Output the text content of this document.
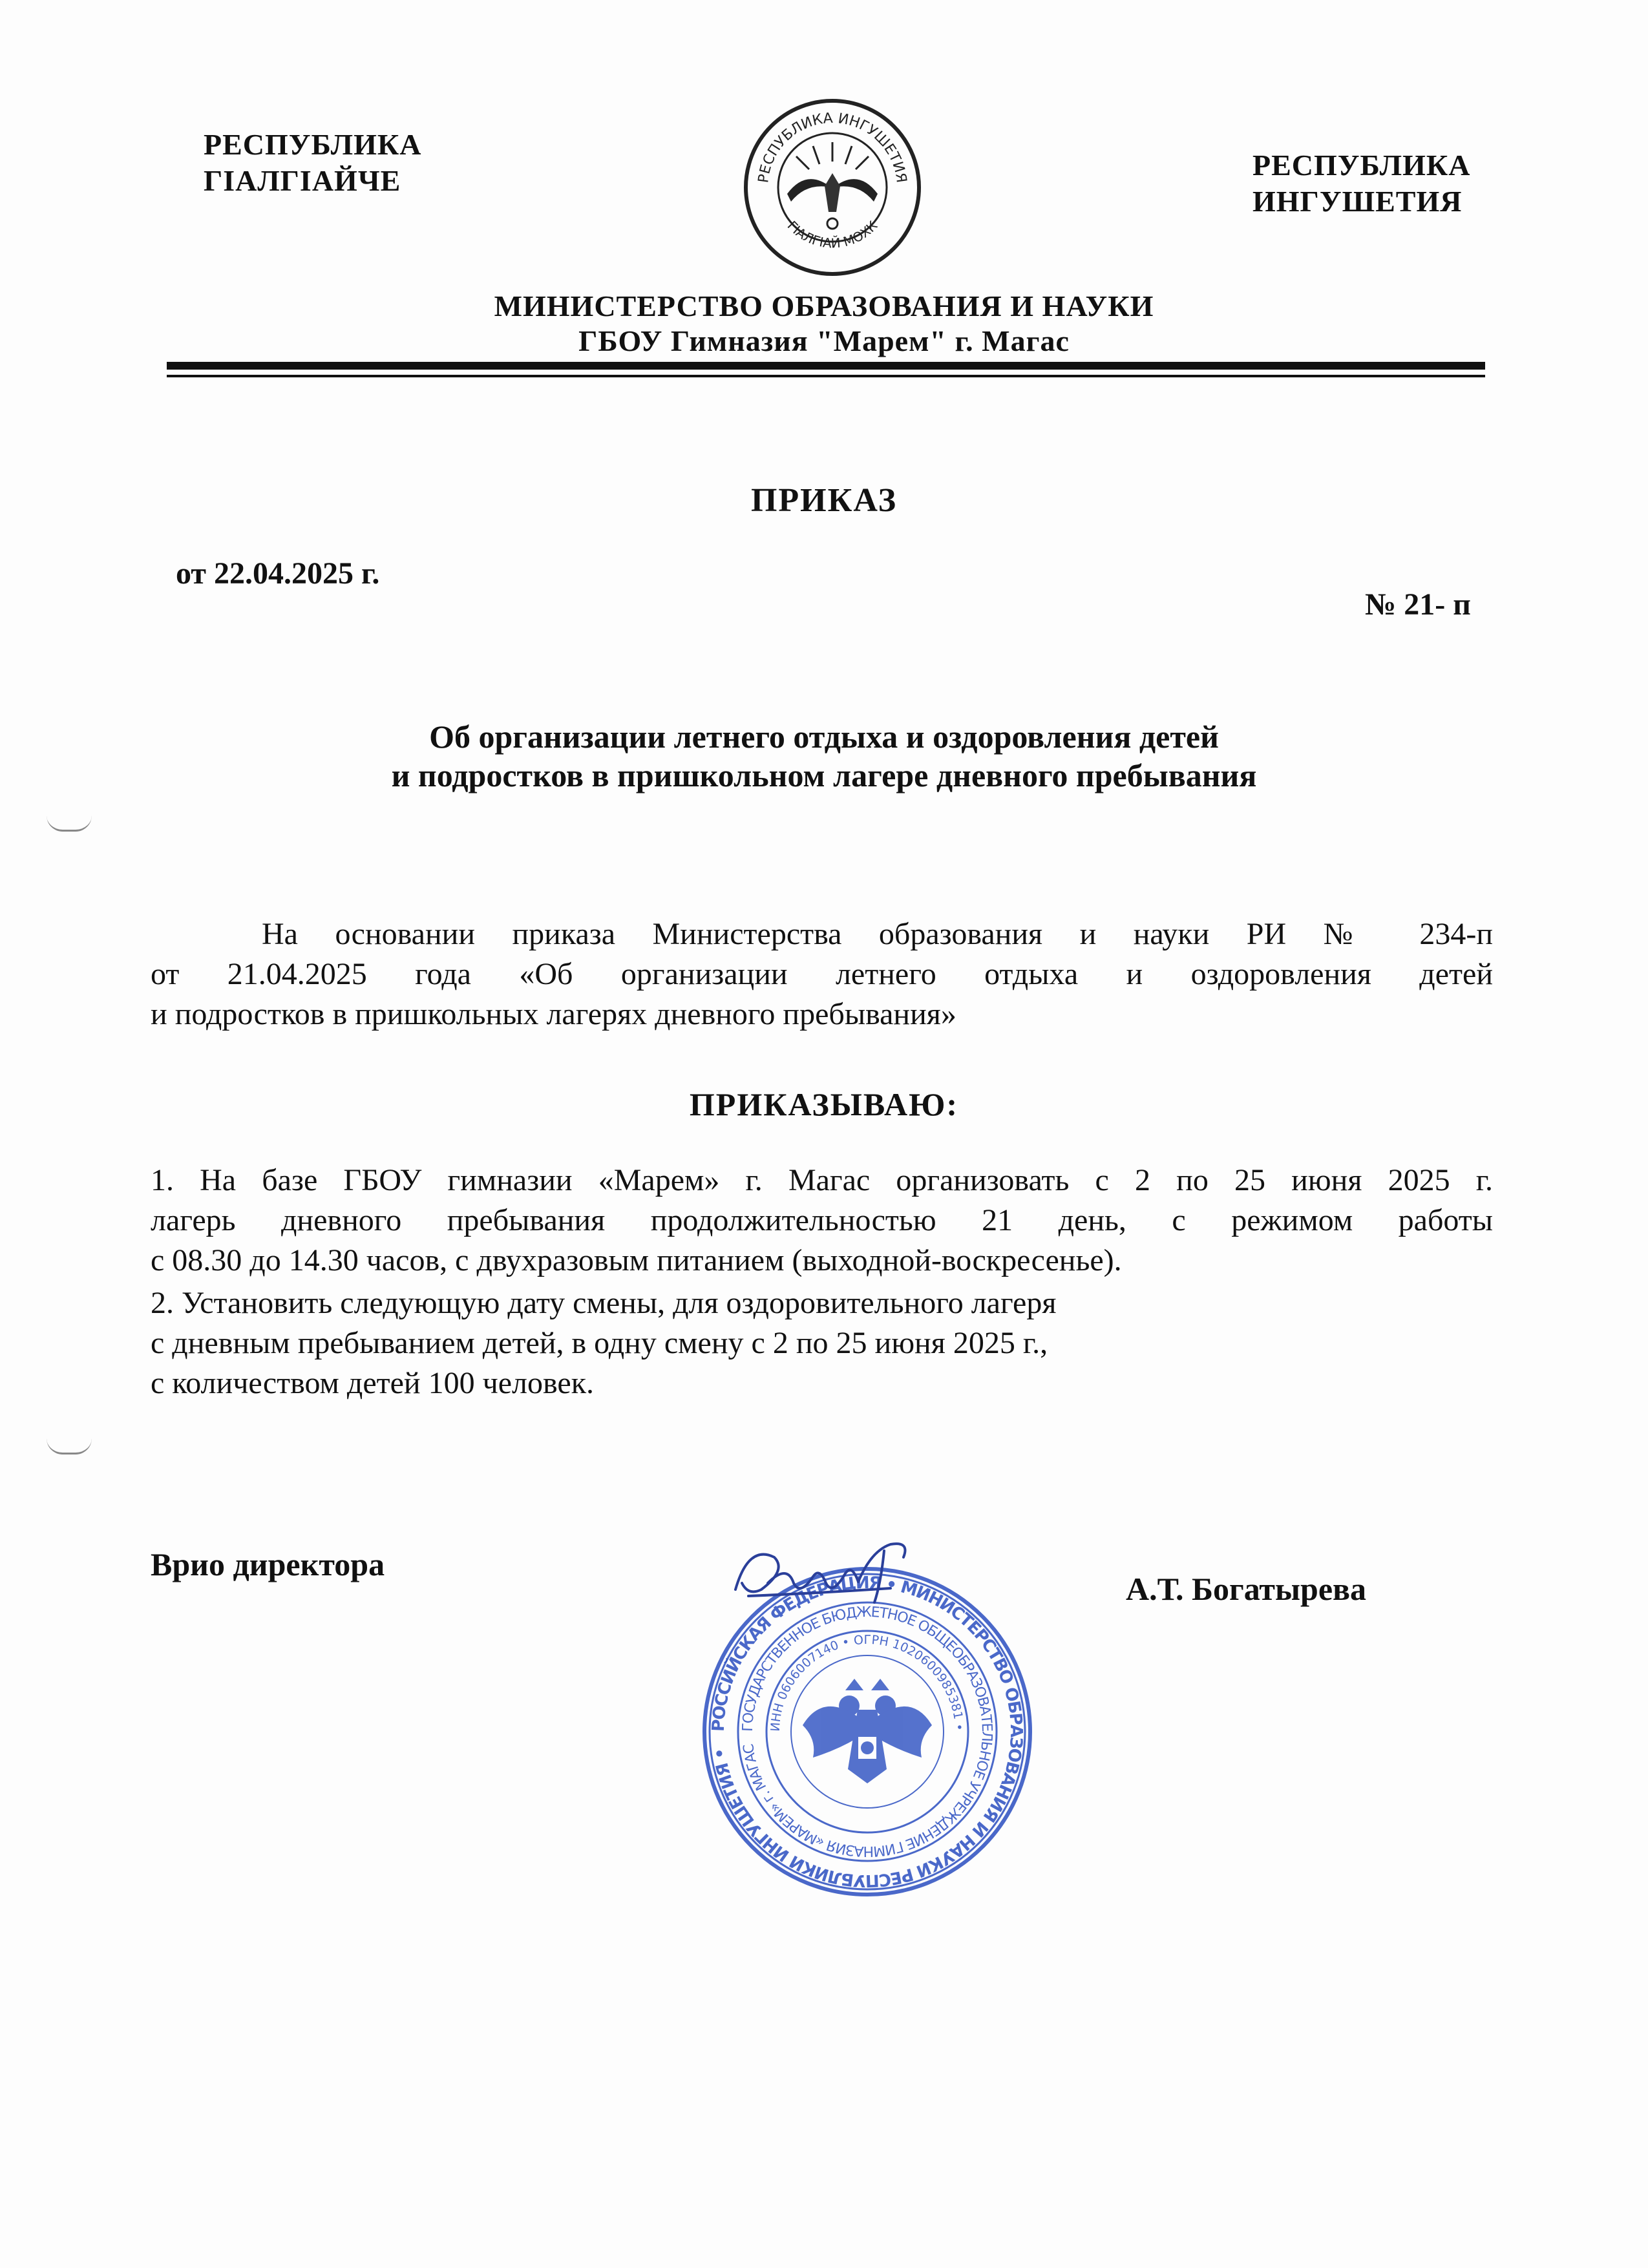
РЕСПУБЛИКА
ГIАЛГIАЙЧЕ	РЕСПУБЛИКА
ИНГУШЕТИЯ
РЕСПУБЛИКА ИНГУШЕТИЯ
ГIАЛГIАЙ МОХК
МИНИСТЕРСТВО ОБРАЗОВАНИЯ И НАУКИ
ГБОУ Гимназия "Марем" г. Магас
ПРИКАЗ
от 22.04.2025 г.
№ 21- п
Об организации летнего отдыха и оздоровления детей
и подростков в пришкольном лагере дневного пребывания
На основании приказа Министерства образования и науки РИ № 234-п
от 21.04.2025 года «Об организации летнего отдыха и оздоровления детей
и подростков в пришкольных лагерях дневного пребывания»
ПРИКАЗЫВАЮ:
1. На базе ГБОУ гимназии «Марем» г. Магас организовать с 2 по 25 июня 2025 г.
лагерь дневного пребывания продолжительностью 21 день, с режимом работы
с 08.30 до 14.30 часов, с двухразовым питанием (выходной-воскресенье).
2. Установить следующую дату смены, для оздоровительного лагеря
с дневным пребыванием детей, в одну смену с 2 по 25 июня 2025 г.,
с количеством детей 100 человек.
Врио директора
А.Т. Богатырева
РОССИЙСКАЯ ФЕДЕРАЦИЯ • МИНИСТЕРСТВО ОБРАЗОВАНИЯ И НАУКИ РЕСПУБЛИКИ ИНГУШЕТИЯ •
ГОСУДАРСТВЕННОЕ БЮДЖЕТНОЕ ОБЩЕОБРАЗОВАТЕЛЬНОЕ УЧРЕЖДЕНИЕ ГИМНАЗИЯ «МАРЕМ» г. МАГАС
ИНН 0606007140 • ОГРН 1020600985381 •
